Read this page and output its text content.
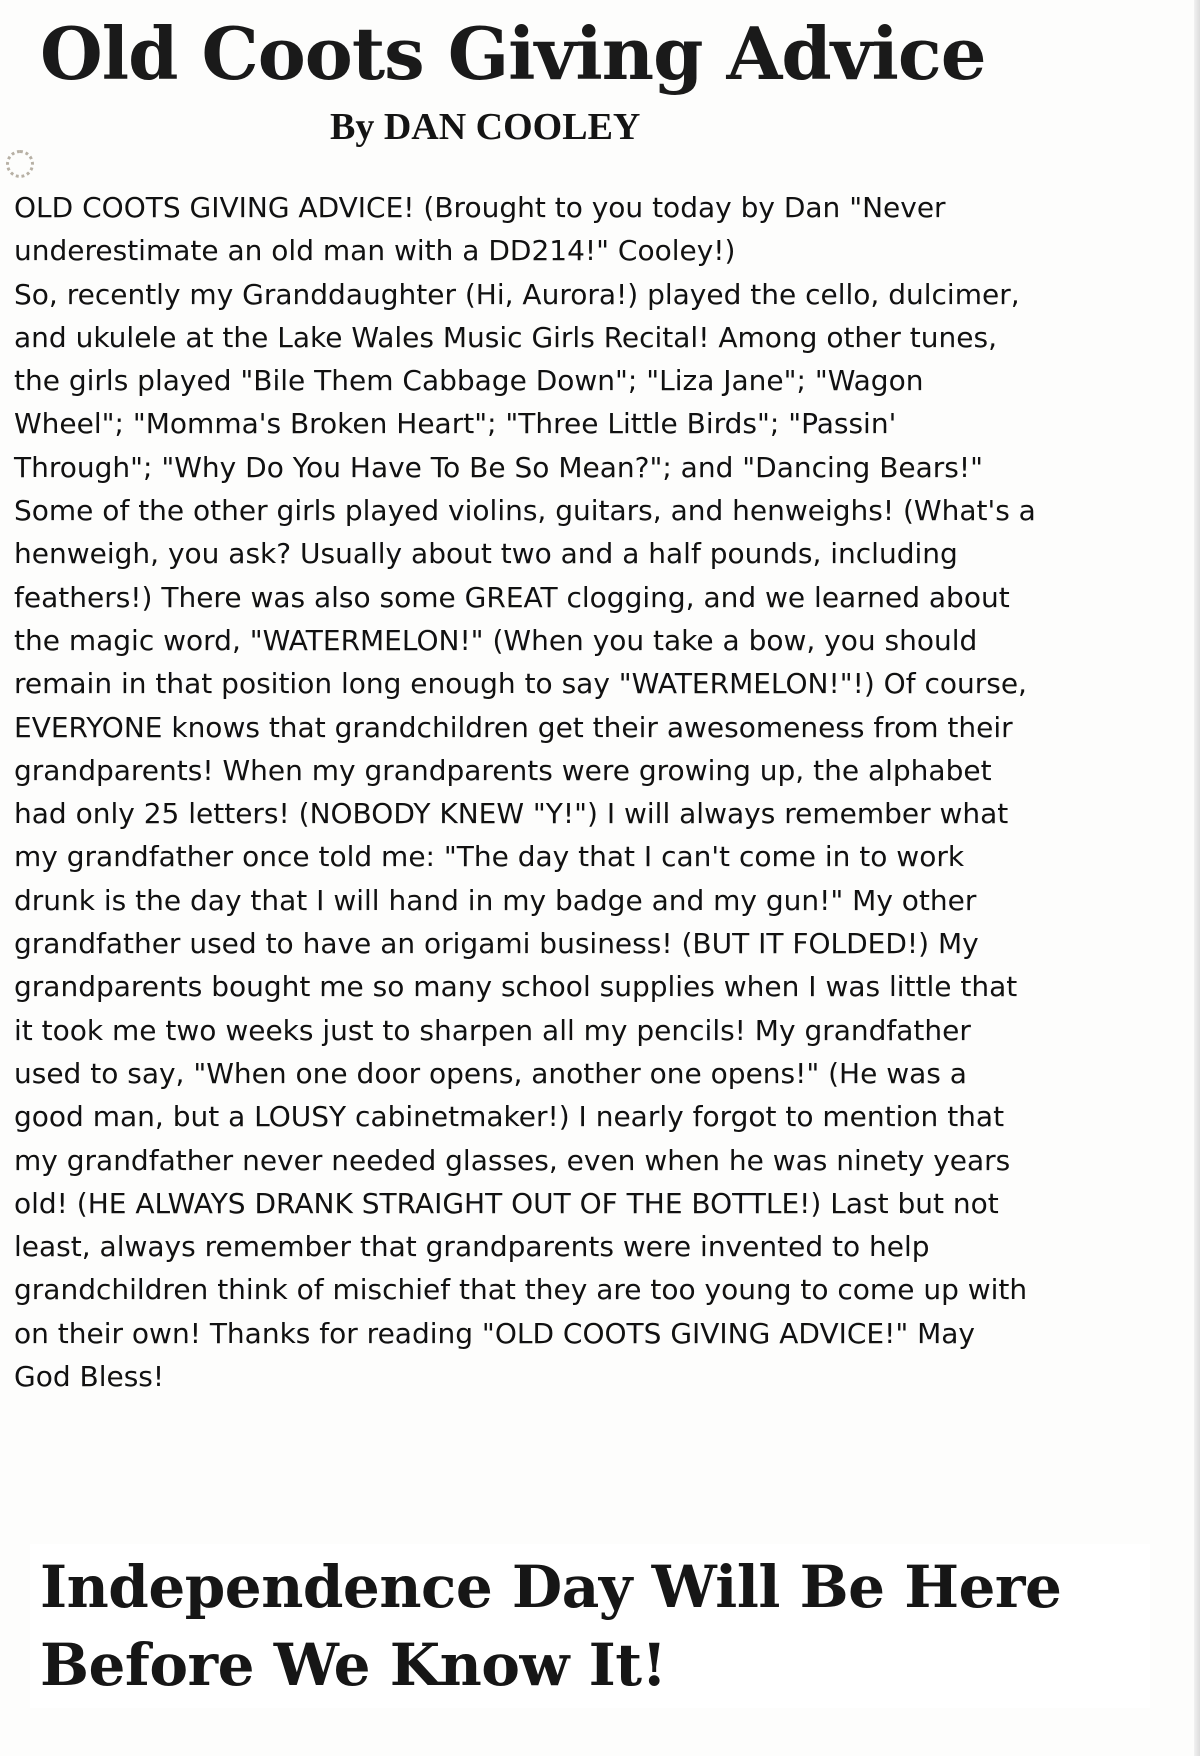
Old Coots Giving Advice
By DAN COOLEY
OLD COOTS GIVING ADVICE! (Brought to you today by Dan "Never
underestimate an old man with a DD214!" Cooley!)
So, recently my Granddaughter (Hi, Aurora!) played the cello, dulcimer,
and ukulele at the Lake Wales Music Girls Recital! Among other tunes,
the girls played "Bile Them Cabbage Down"; "Liza Jane"; "Wagon
Wheel"; "Momma's Broken Heart"; "Three Little Birds"; "Passin'
Through"; "Why Do You Have To Be So Mean?"; and "Dancing Bears!"
Some of the other girls played violins, guitars, and henweighs! (What's a
henweigh, you ask? Usually about two and a half pounds, including
feathers!) There was also some GREAT clogging, and we learned about
the magic word, "WATERMELON!" (When you take a bow, you should
remain in that position long enough to say "WATERMELON!"!) Of course,
EVERYONE knows that grandchildren get their awesomeness from their
grandparents! When my grandparents were growing up, the alphabet
had only 25 letters! (NOBODY KNEW "Y!") I will always remember what
my grandfather once told me: "The day that I can't come in to work
drunk is the day that I will hand in my badge and my gun!" My other
grandfather used to have an origami business! (BUT IT FOLDED!) My
grandparents bought me so many school supplies when I was little that
it took me two weeks just to sharpen all my pencils! My grandfather
used to say, "When one door opens, another one opens!" (He was a
good man, but a LOUSY cabinetmaker!) I nearly forgot to mention that
my grandfather never needed glasses, even when he was ninety years
old! (HE ALWAYS DRANK STRAIGHT OUT OF THE BOTTLE!) Last but not
least, always remember that grandparents were invented to help
grandchildren think of mischief that they are too young to come up with
on their own! Thanks for reading "OLD COOTS GIVING ADVICE!" May
God Bless!
Independence Day Will Be Here
Before We Know It!
